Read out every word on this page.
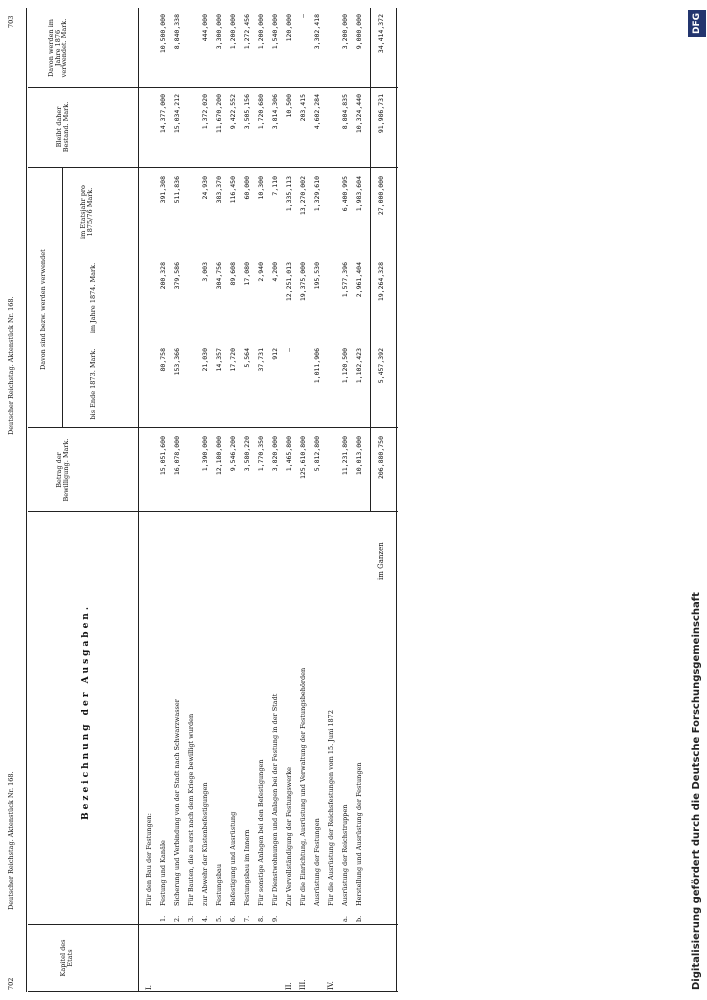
702
Deutscher Reichstag. Aktenstück Nr. 168.
Deutscher Reichstag. Aktenstück Nr. 168.
703
Kapitel des Etats
Bezeichnung der Ausgaben.
Betrag der Bewilligung. Mark.
Davon sind bezw. werden verwendet
bis Ende 1873. Mark.
im Jahre 1874. Mark.
im Etatsjahr pro 1875/76 Mark.
Bleibt daher Bestand. Mark.
Davon werden im Jahre 1876 verwendet. Mark.
Für den Bau der Festungen:
I.
Festung und Kanäle
1.
15,051,600
80,758
200,328
391,308
14,377,000
10,500,000
Sicherung und Verbindung von der Stadt nach Schwarzwasser
2.
16,078,000
153,366
379,586
511,836
15,034,212
8,840,338
Für Bauten, die zu erst nach dem Kriege bewilligt wurden
3.
zur Abwehr der Küstenbefestigungen
4.
1,390,000
21,030
3,003
24,930
1,372,020
444,000
Festungsbau
5.
12,180,000
14,357
304,756
383,370
11,670,200
3,300,000
Befestigung und Ausrüstung
6.
9,546,200
17,720
89,608
116,450
9,422,552
1,200,000
Festungsbau im Innern
7.
3,580,220
5,564
17,080
60,000
3,505,156
1,272,456
Für sonstige Anlagen bei den Befestigungen
8.
1,770,350
37,731
2,940
10,300
1,720,680
1,200,000
Für Dienstwohnungen und Anlagen bei der Festung in der Stadt
9.
3,820,000
912
4,200
7,110
3,814,306
1,540,000
Zur Vervollständigung der Festungswerke
II.
1,465,800
—
12,251,013
1,335,113
10,500
120,000
Für die Einrichtung, Ausrüstung und Verwaltung der Festungsbehörden
III.
125,610,800
19,375,000
13,270,002
203,415
—
Ausrüstung der Festungen
5,812,800
1,011,906
195,530
1,329,610
4,602,284
3,302,418
Für die Ausrüstung der Reichsfestungen vom 15. Juni 1872
IV.
Ausrüstung der Reichstruppen
a.
11,231,800
1,120,500
1,577,396
6,400,995
8,804,835
3,200,000
Herstellung und Ausrüstung der Festungen
b.
10,013,000
1,102,423
2,961,404
1,983,604
10,324,440
9,000,000
im Ganzen
206,880,750
5,457,392
19,264,328
27,000,000
91,986,731
34,414,372
Digitalisierung gefördert durch die Deutsche Forschungsgemeinschaft
DFG
